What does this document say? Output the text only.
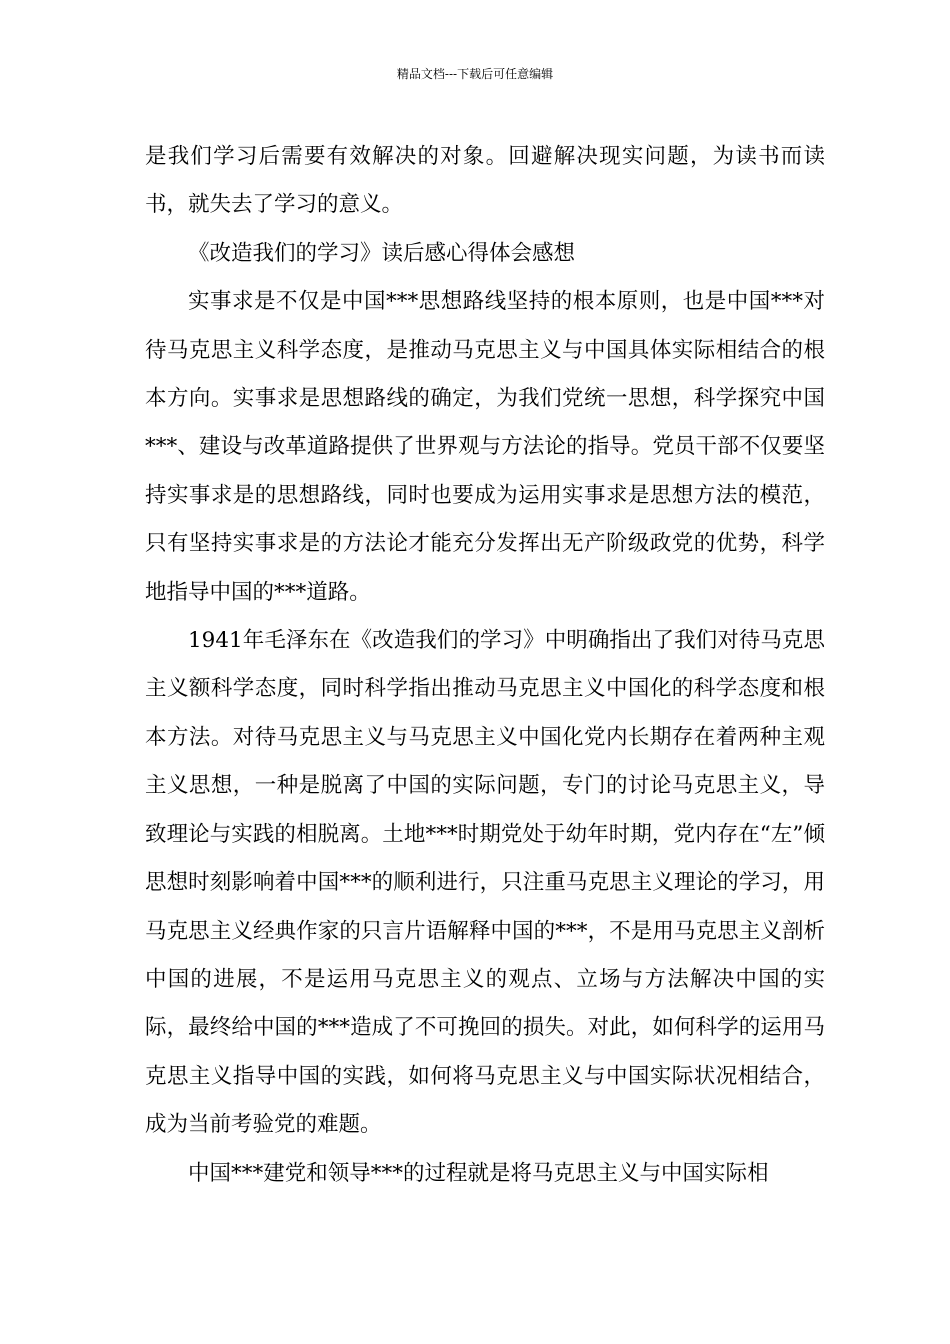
精品文档---下载后可任意编辑

是我们学习后需要有效解决的对象。回避解决现实问题，为读书而读书，就失去了学习的意义。

《改造我们的学习》读后感心得体会感想

实事求是不仅是中国***思想路线坚持的根本原则，也是中国***对待马克思主义科学态度，是推动马克思主义与中国具体实际相结合的根本方向。实事求是思想路线的确定，为我们党统一思想，科学探究中国***、建设与改革道路提供了世界观与方法论的指导。党员干部不仅要坚持实事求是的思想路线，同时也要成为运用实事求是思想方法的模范，只有坚持实事求是的方法论才能充分发挥出无产阶级政党的优势，科学地指导中国的***道路。

1941年毛泽东在《改造我们的学习》中明确指出了我们对待马克思主义额科学态度，同时科学指出推动马克思主义中国化的科学态度和根本方法。对待马克思主义与马克思主义中国化党内长期存在着两种主观主义思想，一种是脱离了中国的实际问题，专门的讨论马克思主义，导致理论与实践的相脱离。土地***时期党处于幼年时期，党内存在“左”倾思想时刻影响着中国***的顺利进行，只注重马克思主义理论的学习，用马克思主义经典作家的只言片语解释中国的***，不是用马克思主义剖析中国的进展，不是运用马克思主义的观点、立场与方法解决中国的实际，最终给中国的***造成了不可挽回的损失。对此，如何科学的运用马克思主义指导中国的实践，如何将马克思主义与中国实际状况相结合，成为当前考验党的难题。

中国***建党和领导***的过程就是将马克思主义与中国实际相
